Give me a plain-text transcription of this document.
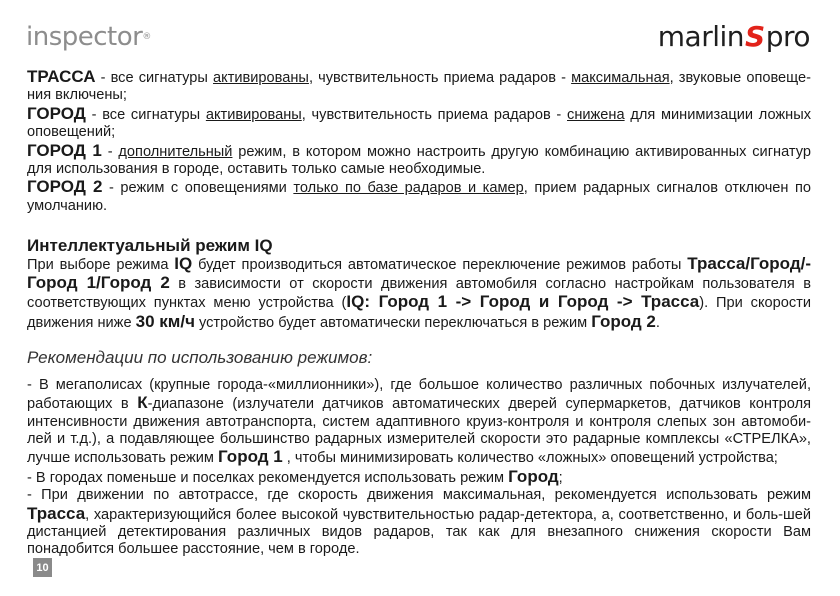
inspector®	marlinSpro

ТРАССА - все сигнатуры активированы, чувствительность приема радаров - максимальная, звуковые оповеще-ния включены;

ГОРОД - все сигнатуры активированы, чувствительность приема радаров - снижена для минимизации ложных оповещений;

ГОРОД 1 - дополнительный режим, в котором можно настроить другую комбинацию активированных сигнатур для использования в городе, оставить только самые необходимые.

ГОРОД 2 - режим с оповещениями только по базе радаров и камер, прием радарных сигналов отключен по умолчанию.

Интеллектуальный режим IQ

При выборе режима IQ будет производиться автоматическое переключение режимов работы Трасса/Город/-Город 1/Город 2 в зависимости от скорости движения автомобиля согласно настройкам пользователя в соответствующих пунктах меню устройства (IQ: Город 1 -> Город и Город -> Трасса). При скорости движения ниже 30 км/ч устройство будет автоматически переключаться в режим Город 2.

Рекомендации по использованию режимов:

- В мегаполисах (крупные города-«миллионники»), где большое количество различных побочных излучателей, работающих в К-диапазоне (излучатели датчиков автоматических дверей супермаркетов, датчиков контроля интенсивности движения автотранспорта, систем адаптивного круиз-контроля и контроля слепых зон автомоби-лей и т.д.), а подавляющее большинство радарных измерителей скорости это радарные комплексы «СТРЕЛКА», лучше использовать режим Город 1 , чтобы минимизировать количество «ложных» оповещений устройства;

- В городах поменьше и поселках рекомендуется использовать режим Город;

- При движении по автотрассе, где скорость движения максимальная, рекомендуется использовать режим Трасса, характеризующийся более высокой чувствительностью радар-детектора, а, соответственно, и боль-шей дистанцией детектирования различных видов радаров, так как для внезапного снижения скорости Вам понадобится большее расстояние, чем в городе.

10
